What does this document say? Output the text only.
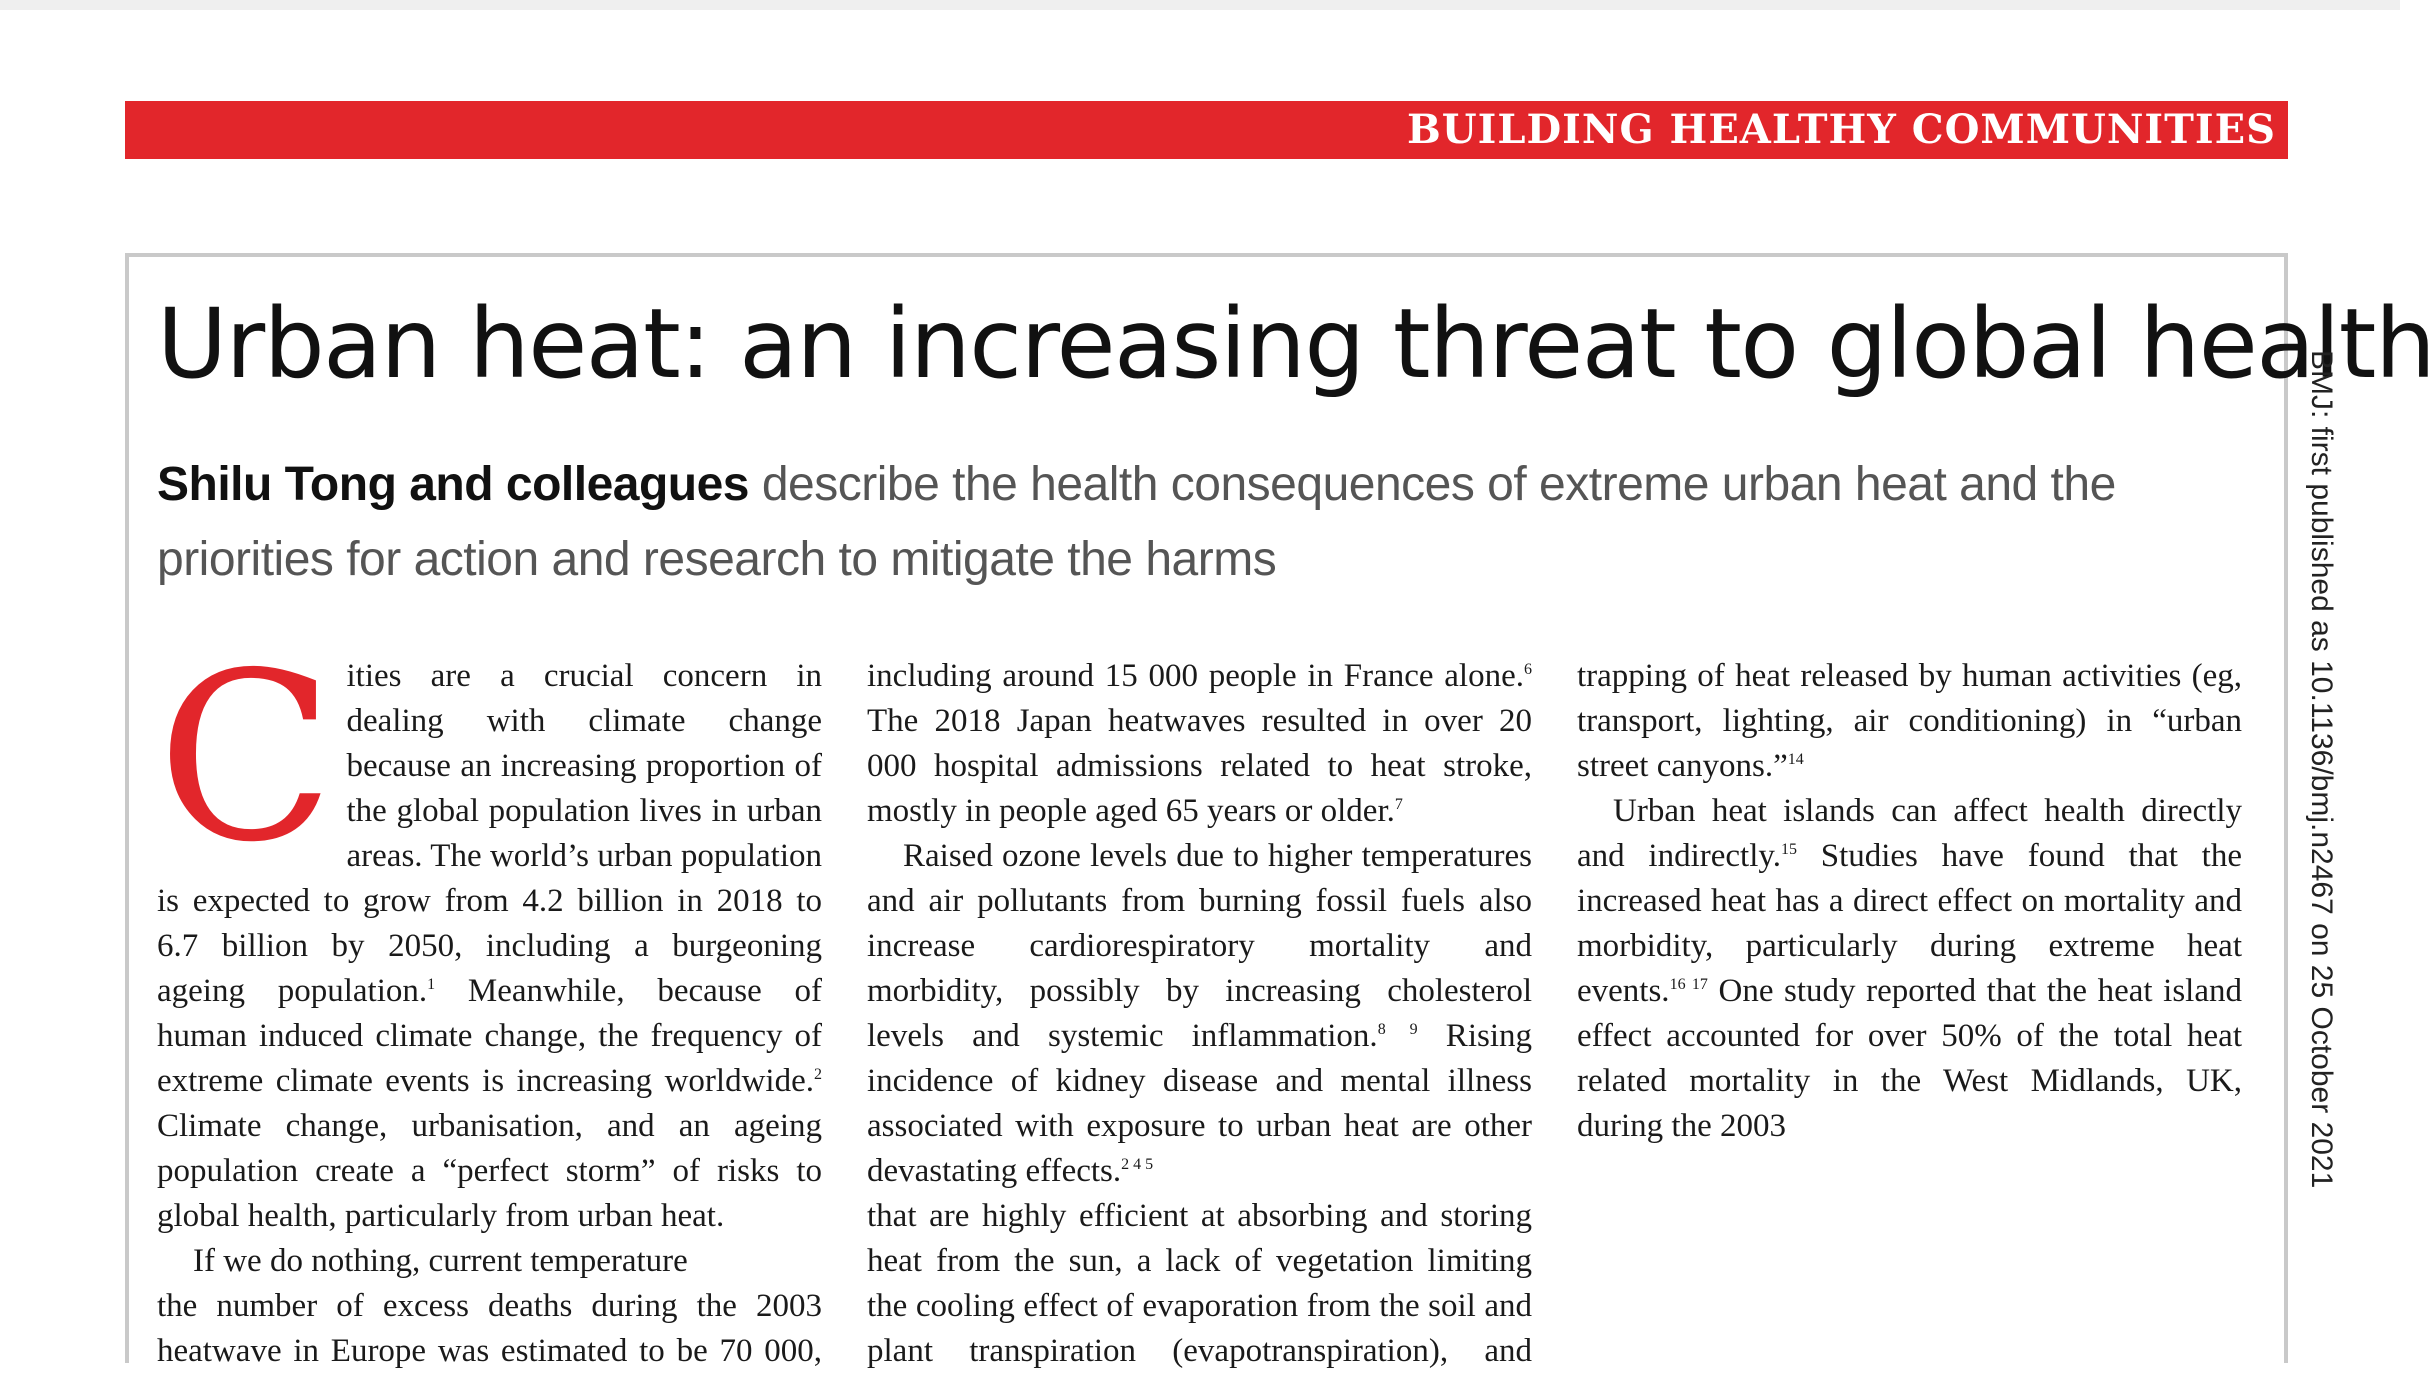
BUILDING HEALTHY COMMUNITIES
Urban heat: an increasing threat to global health

Shilu Tong and colleagues describe the health consequences of extreme urban heat and the priorities for action and research to mitigate the harms

Cities are a crucial concern in dealing with climate change because an increasing proportion of the global population lives in urban areas. The world’s urban population is expected to grow from 4.2 billion in 2018 to 6.7 billion by 2050, including a burgeoning ageing population.$^1$ Meanwhile, because of human induced climate change, the frequency of extreme climate events is increasing worldwide.$^2$ Climate change, urbanisation, and an ageing population create a “perfect storm” of risks to global health, particularly from urban heat.

If we do nothing, current temperature

the number of excess deaths during the 2003 heatwave in Europe was estimated to be 70 000, including around 15 000 people in France alone.$^6$ The 2018 Japan heatwaves resulted in over 20 000 hospital admissions related to heat stroke, mostly in people aged 65 years or older.$^7$

Raised ozone levels due to higher temperatures and air pollutants from burning fossil fuels also increase cardiorespiratory mortality and morbidity, possibly by increasing cholesterol levels and systemic inflammation.$^{8 9}$ Rising incidence of kidney disease and mental illness associated with exposure to urban heat are other devastating effects.$^{2 4 5}$

that are highly efficient at absorbing and storing heat from the sun, a lack of vegetation limiting the cooling effect of evaporation from the soil and plant transpiration (evapotranspiration), and trapping of heat released by human activities (eg, transport, lighting, air conditioning) in “urban street canyons.”$^{14}$

Urban heat islands can affect health directly and indirectly.$^{15}$ Studies have found that the increased heat has a direct effect on mortality and morbidity, particularly during extreme heat events.$^{16 17}$ One study reported that the heat island effect accounted for over 50% of the total heat related mortality in the West Midlands, UK, during the 2003	BMJ: first published as 10.1136/bmj.n2467 on 25 October 2021
